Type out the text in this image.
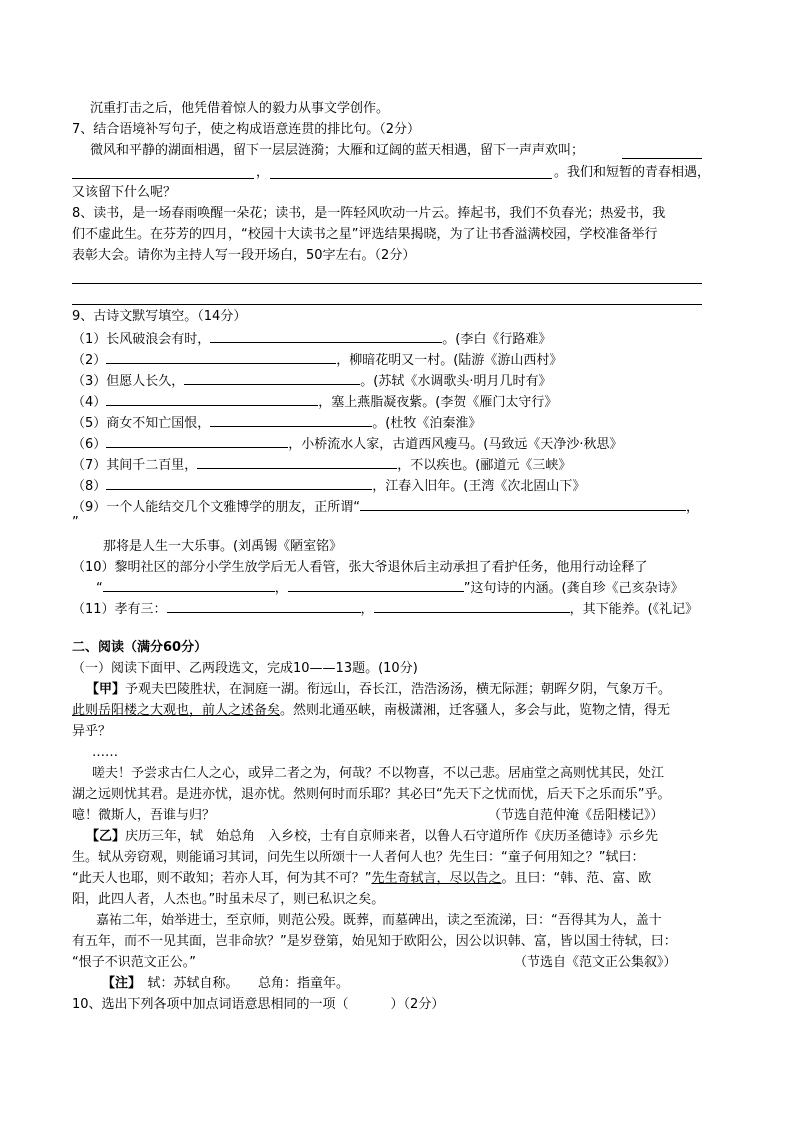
沉重打击之后，他凭借着惊人的毅力从事文学创作。
7、结合语境补写句子，使之构成语意连贯的排比句。（2分）
微风和平静的湖面相遇，留下一层层涟漪；大雁和辽阔的蓝天相遇，留下一声声欢叫；
，	。我们和短暂的青春相遇，
又该留下什么呢？
8、读书，是一场春雨唤醒一朵花；读书，是一阵轻风吹动一片云。捧起书，我们不负春光；热爱书，我
们不虚此生。在芬芳的四月，“校园十大读书之星”评选结果揭晓，为了让书香溢满校园，学校准备举行
表彰大会。请你为主持人写一段开场白，50字左右。（2分）
9、古诗文默写填空。（14分）
（1）长风破浪会有时，	。(李白《行路难》
（2）	，柳暗花明又一村。(陆游《游山西村》
（3）但愿人长久，	。(苏轼《水调歌头·明月几时有》
（4）	，塞上燕脂凝夜紫。(李贺《雁门太守行》
（5）商女不知亡国恨，	。(杜牧《泊秦淮》
（6）	，小桥流水人家，古道西风瘦马。(马致远《天净沙·秋思》
（7）其间千二百里，	，不以疾也。(郦道元《三峡》
（8）	，江春入旧年。(王湾《次北固山下》
（9）一个人能结交几个文雅博学的朋友，正所谓“	，
”
那将是人生一大乐事。(刘禹锡《陋室铭》
（10）黎明社区的部分小学生放学后无人看管，张大爷退休后主动承担了看护任务，他用行动诠释了
“	，	”这句诗的内涵。(龚自珍《己亥杂诗》
（11）孝有三：	，	，其下能养。(《礼记》
二、阅读（满分60分）
（一）阅读下面甲、乙两段选文，完成10——13题。(10分)
【甲】予观夫巴陵胜状，在洞庭一湖。衔远山，吞长江，浩浩汤汤，横无际涯；朝晖夕阴，气象万千。
此则岳阳楼之大观也，前人之述备矣。然则北通巫峡，南极潇湘，迁客骚人，多会与此，览物之情，得无
异乎？
……
嗟夫！予尝求古仁人之心，或异二者之为，何哉？不以物喜，不以己悲。居庙堂之高则忧其民，处江
湖之远则忧其君。是进亦忧，退亦忧。然则何时而乐耶？其必曰“先天下之忧而忧，后天下之乐而乐”乎。
噫！微斯人，吾谁与归？	（节选自范仲淹《岳阳楼记》）
【乙】庆历三年，轼　始总角　入乡校，士有自京师来者，以鲁人石守道所作《庆历圣德诗》示乡先
生。轼从旁窃观，则能诵习其词，问先生以所颂十一人者何人也？先生曰：“童子何用知之？”轼曰：
“此天人也耶，则不敢知；若亦人耳，何为其不可？”先生奇轼言，尽以告之。且曰：“韩、范、富、欧
阳，此四人者，人杰也。”时虽未尽了，则已私识之矣。
嘉祐二年，始举进士，至京师，则范公殁。既葬，而墓碑出，读之至流涕，曰：“吾得其为人，盖十
有五年，而不一见其面，岂非命欤？”是岁登第，始见知于欧阳公，因公以识韩、富，皆以国士待轼，曰：
“恨子不识范文正公。”	（节选自《范文正公集叙》）
【注】　 轼：苏轼自称。　　总角：指童年。
10、选出下列各项中加点词语意思相同的一项（	）（2分）
